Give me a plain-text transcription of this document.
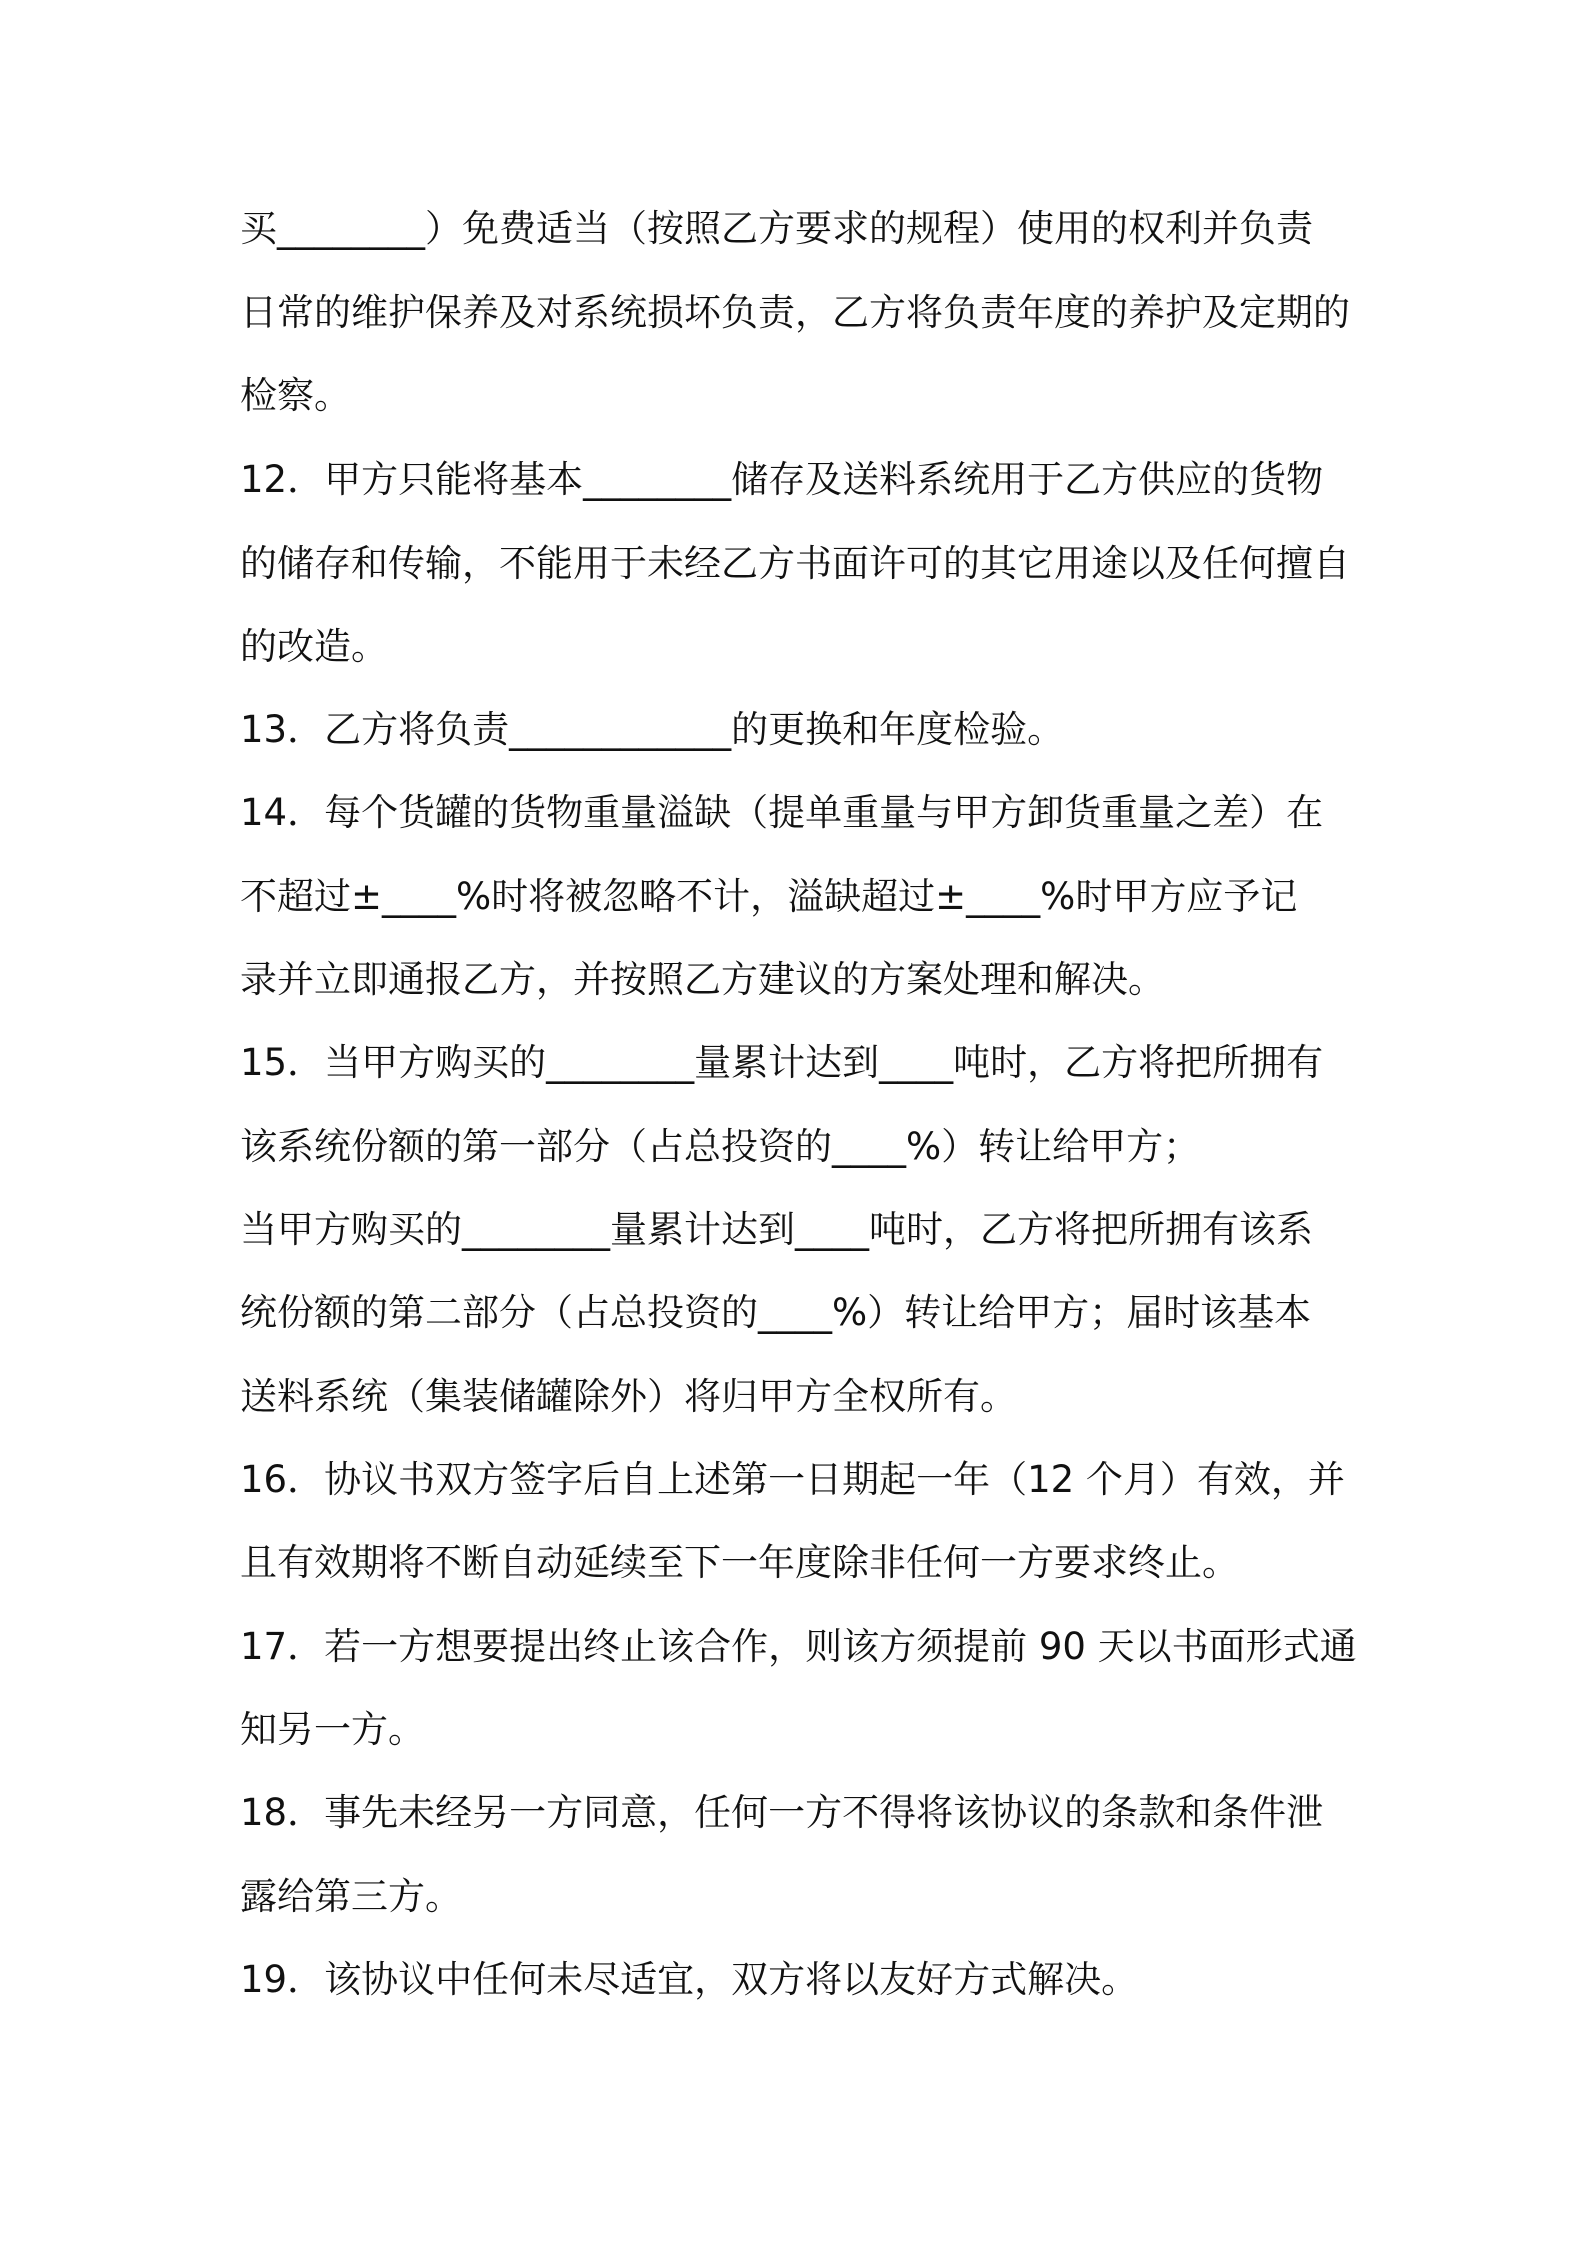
买________）免费适当（按照乙方要求的规程）使用的权利并负责
日常的维护保养及对系统损坏负责，乙方将负责年度的养护及定期的
检察。
12．甲方只能将基本________储存及送料系统用于乙方供应的货物
的储存和传输，不能用于未经乙方书面许可的其它用途以及任何擅自
的改造。
13．乙方将负责____________的更换和年度检验。
14．每个货罐的货物重量溢缺（提单重量与甲方卸货重量之差）在
不超过±____%时将被忽略不计，溢缺超过±____%时甲方应予记
录并立即通报乙方，并按照乙方建议的方案处理和解决。
15．当甲方购买的________量累计达到____吨时，乙方将把所拥有
该系统份额的第一部分（占总投资的____%）转让给甲方；
当甲方购买的________量累计达到____吨时，乙方将把所拥有该系
统份额的第二部分（占总投资的____%）转让给甲方；届时该基本
送料系统（集装储罐除外）将归甲方全权所有。
16．协议书双方签字后自上述第一日期起一年（12 个月）有效，并
且有效期将不断自动延续至下一年度除非任何一方要求终止。
17．若一方想要提出终止该合作，则该方须提前 90 天以书面形式通
知另一方。
18．事先未经另一方同意，任何一方不得将该协议的条款和条件泄
露给第三方。
19．该协议中任何未尽适宜，双方将以友好方式解决。
